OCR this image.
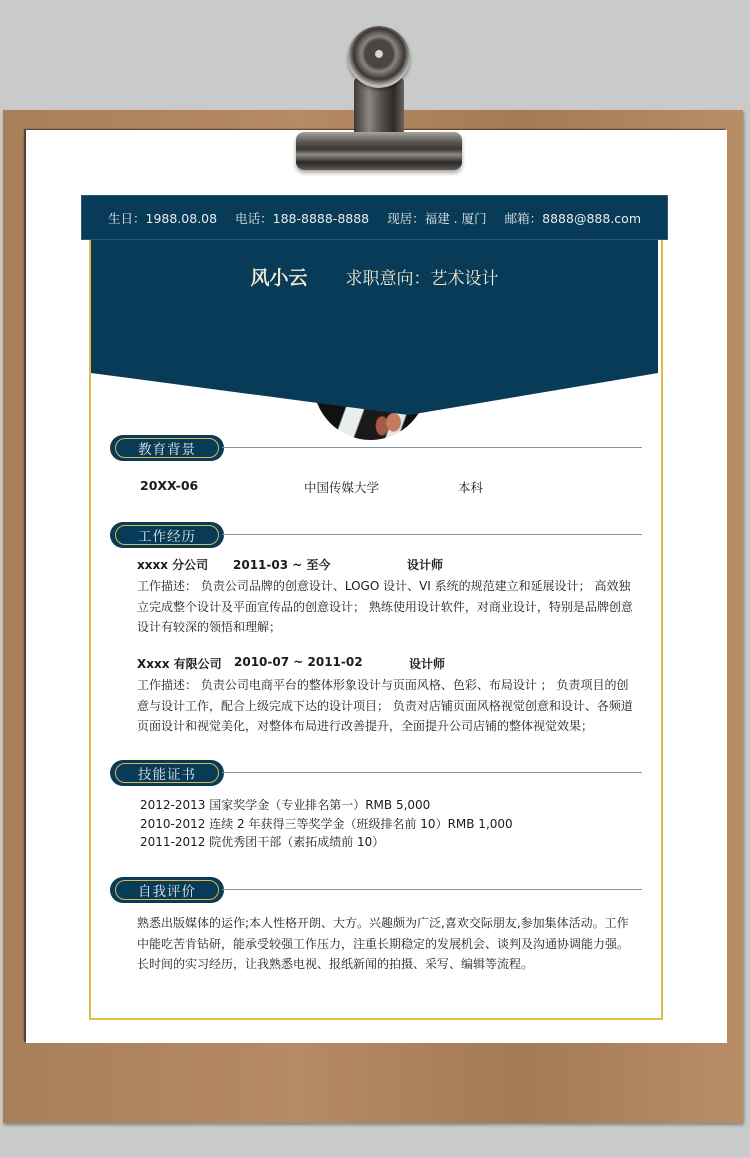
生日：1988.08.08 电话：188-8888-8888 现居：福建 . 厦门 邮箱：8888@888.com
风小云 求职意向：艺术设计
教育背景
20XX-06	中国传媒大学	本科
工作经历
xxxx 分公司 2011-03 ~ 至今	设计师
工作描述： 负责公司品牌的创意设计、LOGO 设计、VI 系统的规范建立和延展设计； 高效独立完成整个设计及平面宣传品的创意设计； 熟练使用设计软件，对商业设计，特别是品牌创意设计有较深的领悟和理解；
Xxxx 有限公司 2010-07 ~ 2011-02	设计师
工作描述： 负责公司电商平台的整体形象设计与页面风格、色彩、布局设计 ； 负责项目的创意与设计工作，配合上级完成下达的设计项目； 负责对店铺页面风格视觉创意和设计、各频道页面设计和视觉美化，对整体布局进行改善提升，全面提升公司店铺的整体视觉效果；
技能证书
2012-2013 国家奖学金（专业排名第一）RMB 5,000
2010-2012 连续 2 年获得三等奖学金（班级排名前 10）RMB 1,000
2011-2012 院优秀团干部（素拓成绩前 10）
自我评价
熟悉出版媒体的运作;本人性格开朗、大方。兴趣颇为广泛,喜欢交际朋友,参加集体活动。工作中能吃苦肯钻研，能承受较强工作压力，注重长期稳定的发展机会、谈判及沟通协调能力强。长时间的实习经历，让我熟悉电视、报纸新闻的拍摄、采写、编辑等流程。
